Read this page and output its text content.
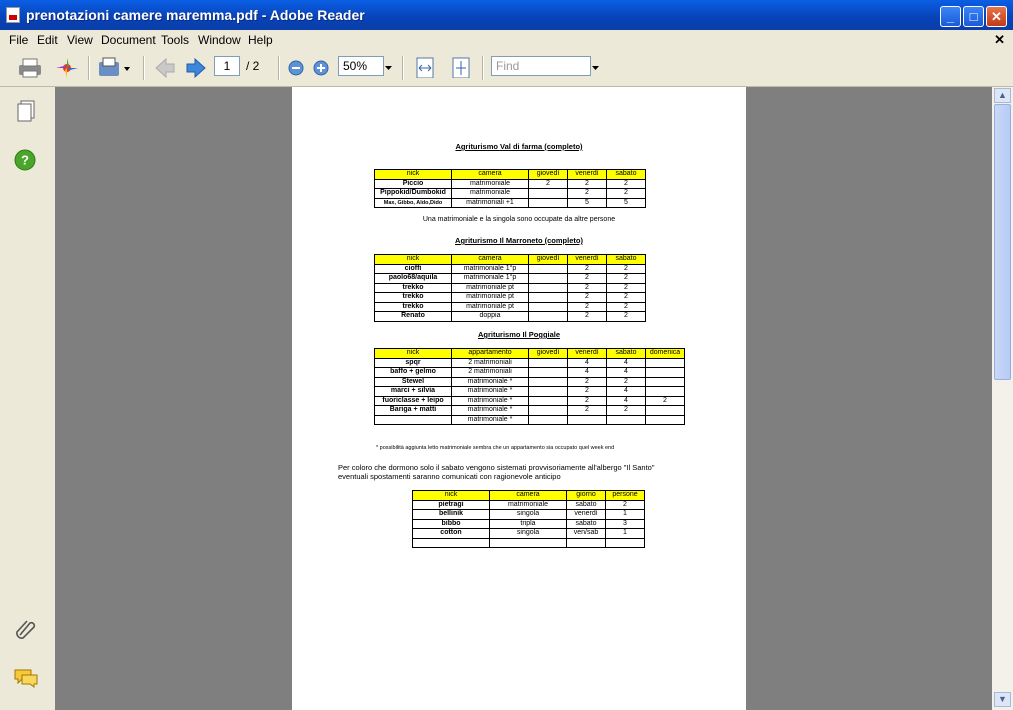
prenotazioni camere maremma.pdf - Adobe Reader	_	□	✕
File Edit View Document Tools Window Help	✕
1	/ 2	50%	Find
?
Agriturismo Val di farma (completo)
nick	camera	giovedì	venerdì	sabato
Piccio	matrimoniale	2	2	2
Pippokid/Dumbokid	matrimoniale		2	2
Max, Gibbo, Aldo,Dido	matrimoniali +1		5	5
Una matrimoniale e la singola sono occupate da altre persone
Agriturismo Il Marroneto (completo)
nick	camera	giovedì	venerdì	sabato
cioffi	matrimoniale 1°p		2	2
paolo68/aquila	matrimoniale 1°p		2	2
trekko	matrimoniale pt		2	2
trekko	matrimoniale pt		2	2
trekko	matrimoniale pt		2	2
Renato	doppia		2	2
Agriturismo Il Poggiale
nick	appartamento	giovedì	venerdì	sabato	domenica
spqr	2 matrimoniali		4	4	
baffo + gelmo	2 matrimoniali		4	4	
Stewel	matrimoniale *		2	2	
marci + silvia	matrimoniale *		2	4	
fuoriclasse + leipo	matrimoniale *		2	4	2
Bariga + matti	matrimoniale *		2	2	
	matrimoniale *				
* possibilità aggiunta letto matrimoniale sembra che un appartamento sia occupato quel week end
Per coloro che dormono solo il sabato vengono sistemati provvisoriamente all'albergo "Il Santo"
eventuali spostamenti saranno comunicati con ragionevole anticipo
nick	camera	giorno	persone
pietragi	matrimoniale	sabato	2
bellinik	singola	venerdì	1
bibbo	tripla	sabato	3
cotton	singola	ven/sab	1

▲
▼
